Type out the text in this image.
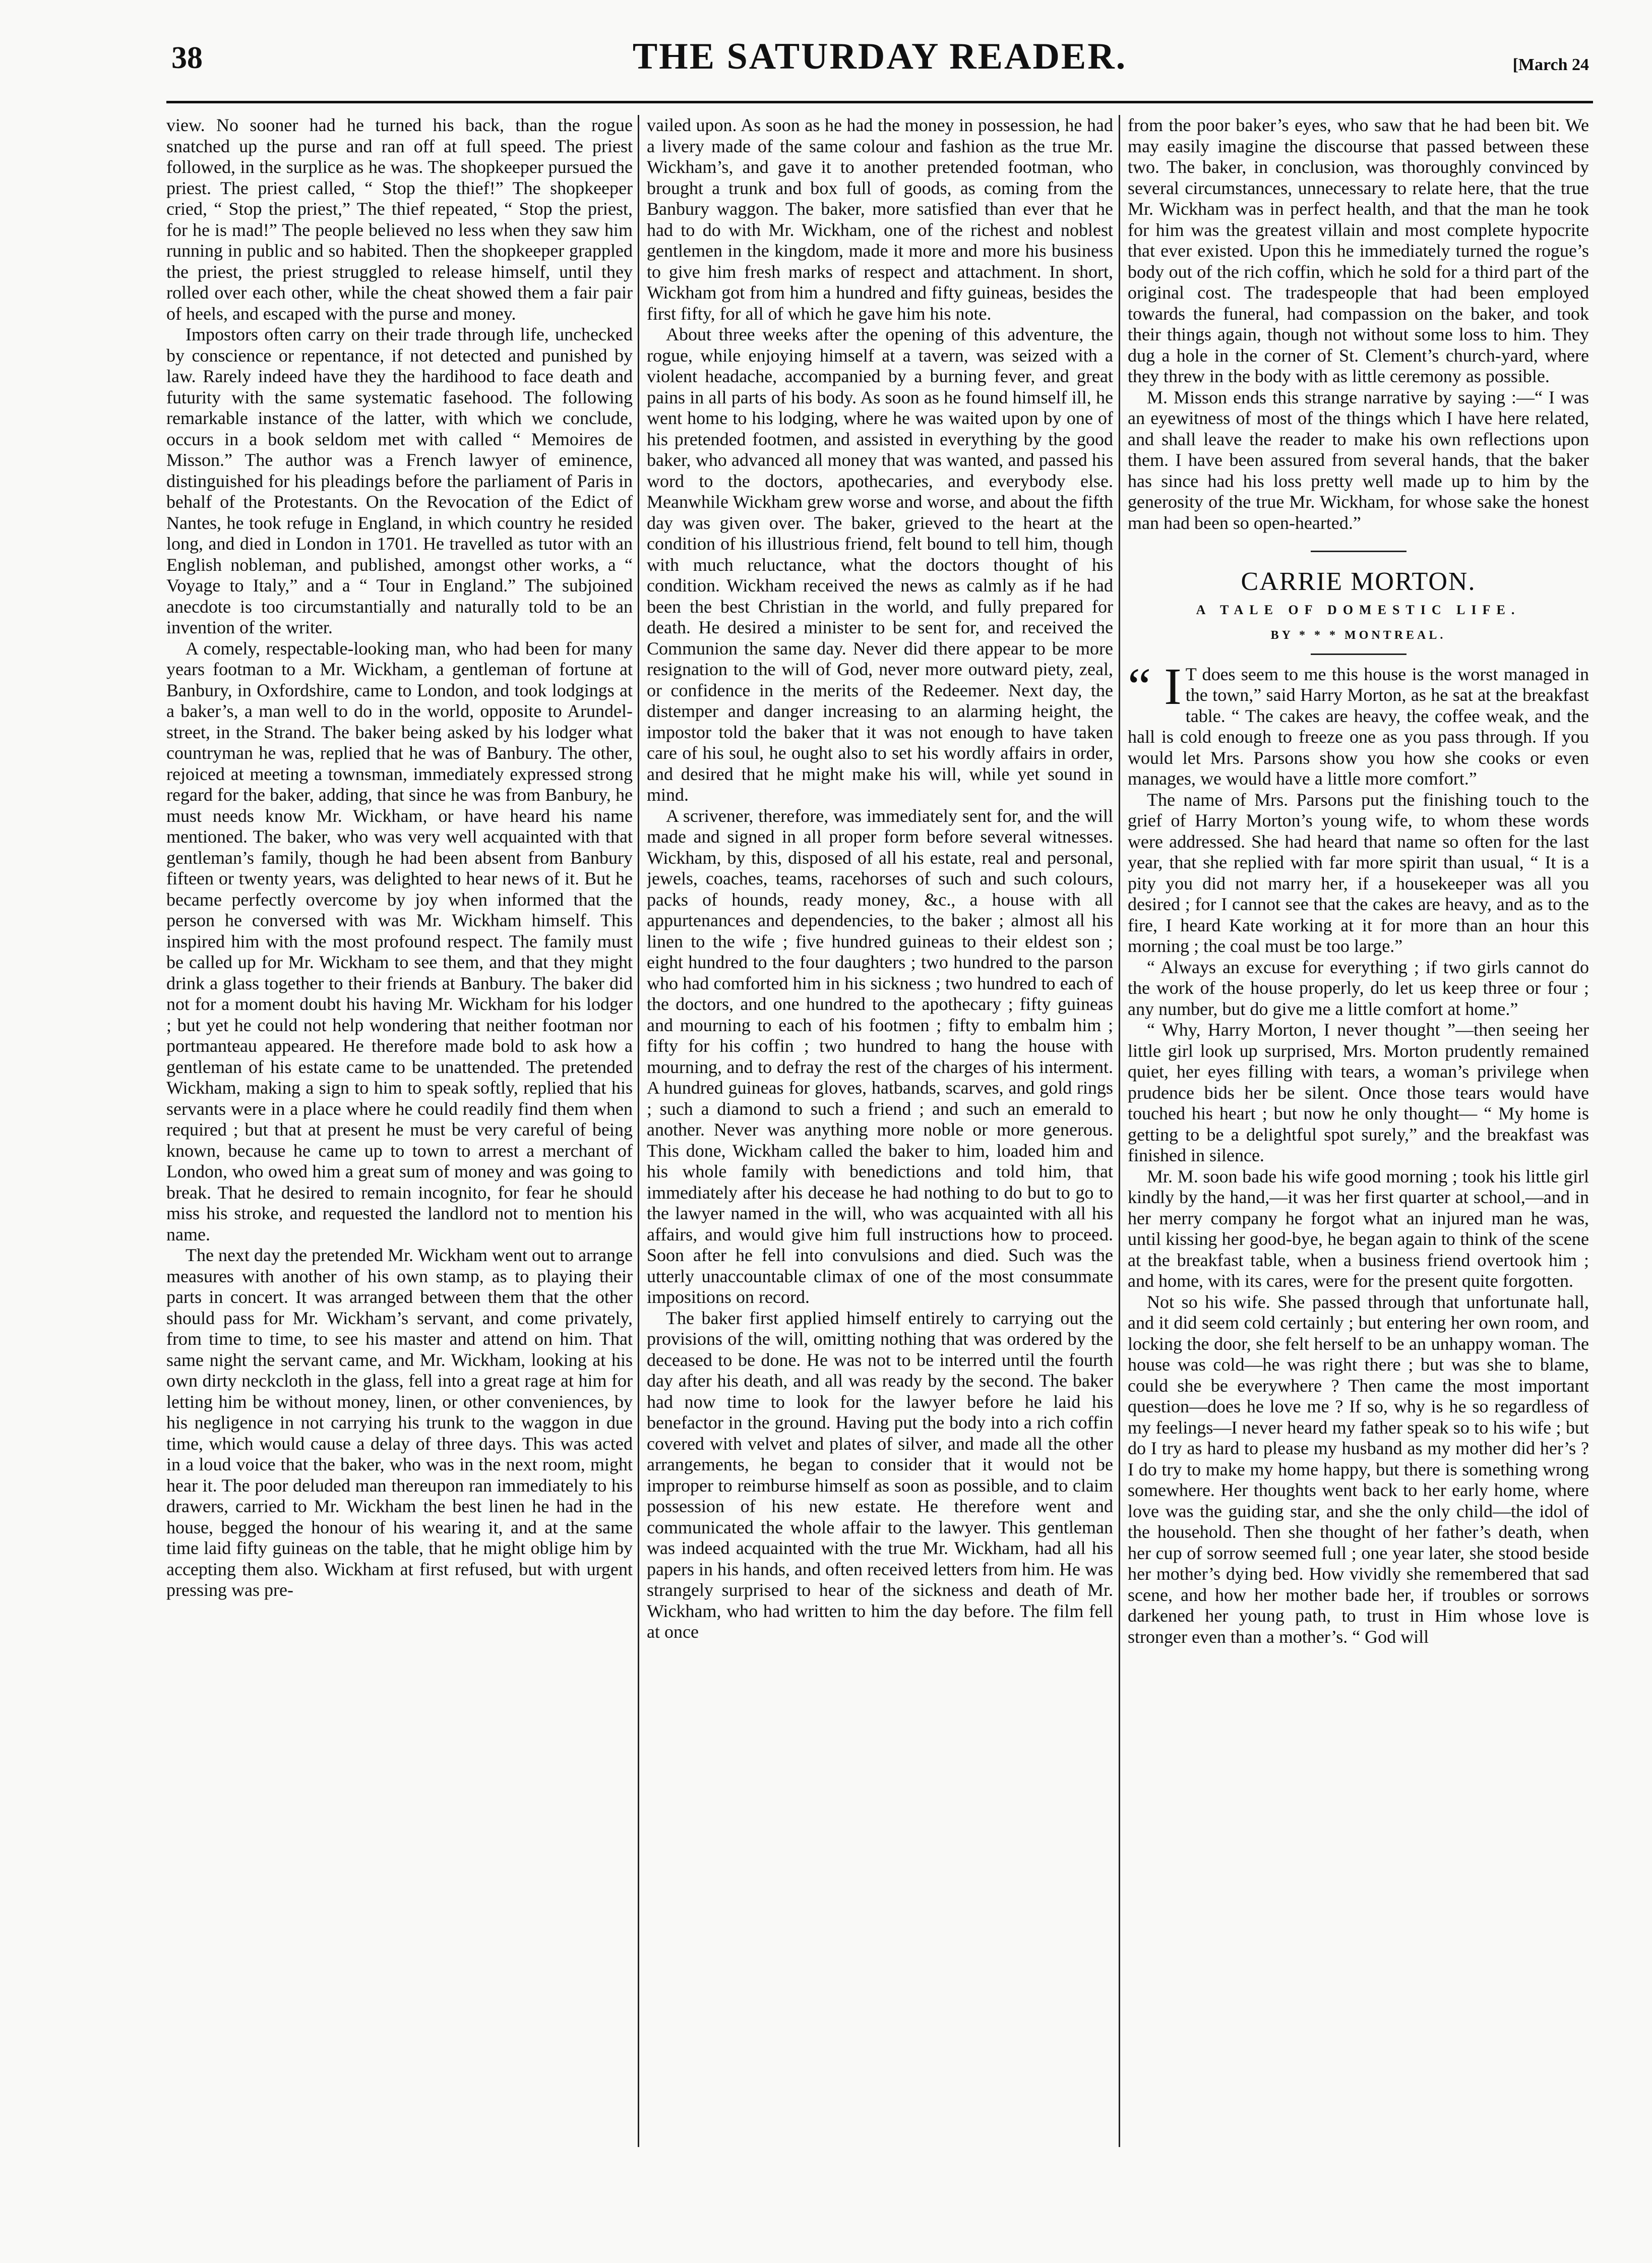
38	THE SATURDAY READER.	[March 24

view. No sooner had he turned his back, than the rogue snatched up the purse and ran off at full speed. The priest followed, in the surplice as he was. The shopkeeper pursued the priest. The priest called, “ Stop the thief!” The shopkeeper cried, “ Stop the priest,” The thief repeated, “ Stop the priest, for he is mad!” The people believed no less when they saw him running in public and so habited. Then the shopkeeper grappled the priest, the priest struggled to release himself, until they rolled over each other, while the cheat showed them a fair pair of heels, and escaped with the purse and money.

Impostors often carry on their trade through life, unchecked by conscience or repentance, if not detected and punished by law. Rarely indeed have they the hardihood to face death and futurity with the same systematic fasehood. The following remarkable instance of the latter, with which we conclude, occurs in a book seldom met with called “ Memoires de Misson.” The author was a French lawyer of eminence, distinguished for his pleadings before the parliament of Paris in behalf of the Protestants. On the Revocation of the Edict of Nantes, he took refuge in England, in which country he resided long, and died in London in 1701. He travelled as tutor with an English nobleman, and published, amongst other works, a “ Voyage to Italy,” and a “ Tour in England.” The subjoined anecdote is too circumstantially and naturally told to be an invention of the writer.

A comely, respectable-looking man, who had been for many years footman to a Mr. Wickham, a gentleman of fortune at Banbury, in Oxfordshire, came to London, and took lodgings at a baker’s, a man well to do in the world, opposite to Arundel-street, in the Strand. The baker being asked by his lodger what countryman he was, replied that he was of Banbury. The other, rejoiced at meeting a townsman, immediately expressed strong regard for the baker, adding, that since he was from Banbury, he must needs know Mr. Wickham, or have heard his name mentioned. The baker, who was very well acquainted with that gentleman’s family, though he had been absent from Banbury fifteen or twenty years, was delighted to hear news of it. But he became perfectly overcome by joy when informed that the person he conversed with was Mr. Wickham himself. This inspired him with the most profound respect. The family must be called up for Mr. Wickham to see them, and that they might drink a glass together to their friends at Banbury. The baker did not for a moment doubt his having Mr. Wickham for his lodger ; but yet he could not help wondering that neither footman nor portmanteau appeared. He therefore made bold to ask how a gentleman of his estate came to be unattended. The pretended Wickham, making a sign to him to speak softly, replied that his servants were in a place where he could readily find them when required ; but that at present he must be very careful of being known, because he came up to town to arrest a merchant of London, who owed him a great sum of money and was going to break. That he desired to remain incognito, for fear he should miss his stroke, and requested the landlord not to mention his name.

The next day the pretended Mr. Wickham went out to arrange measures with another of his own stamp, as to playing their parts in concert. It was arranged between them that the other should pass for Mr. Wickham’s servant, and come privately, from time to time, to see his master and attend on him. That same night the servant came, and Mr. Wickham, looking at his own dirty neckcloth in the glass, fell into a great rage at him for letting him be without money, linen, or other conveniences, by his negligence in not carrying his trunk to the waggon in due time, which would cause a delay of three days. This was acted in a loud voice that the baker, who was in the next room, might hear it. The poor deluded man thereupon ran immediately to his drawers, carried to Mr. Wickham the best linen he had in the house, begged the honour of his wearing it, and at the same time laid fifty guineas on the table, that he might oblige him by accepting them also. Wickham at first refused, but with urgent pressing was pre-

vailed upon. As soon as he had the money in possession, he had a livery made of the same colour and fashion as the true Mr. Wickham’s, and gave it to another pretended footman, who brought a trunk and box full of goods, as coming from the Banbury waggon. The baker, more satisfied than ever that he had to do with Mr. Wickham, one of the richest and noblest gentlemen in the kingdom, made it more and more his business to give him fresh marks of respect and attachment. In short, Wickham got from him a hundred and fifty guineas, besides the first fifty, for all of which he gave him his note.

About three weeks after the opening of this adventure, the rogue, while enjoying himself at a tavern, was seized with a violent headache, accompanied by a burning fever, and great pains in all parts of his body. As soon as he found himself ill, he went home to his lodging, where he was waited upon by one of his pretended footmen, and assisted in everything by the good baker, who advanced all money that was wanted, and passed his word to the doctors, apothecaries, and everybody else. Meanwhile Wickham grew worse and worse, and about the fifth day was given over. The baker, grieved to the heart at the condition of his illustrious friend, felt bound to tell him, though with much reluctance, what the doctors thought of his condition. Wickham received the news as calmly as if he had been the best Christian in the world, and fully prepared for death. He desired a minister to be sent for, and received the Communion the same day. Never did there appear to be more resignation to the will of God, never more outward piety, zeal, or confidence in the merits of the Redeemer. Next day, the distemper and danger increasing to an alarming height, the impostor told the baker that it was not enough to have taken care of his soul, he ought also to set his wordly affairs in order, and desired that he might make his will, while yet sound in mind.

A scrivener, therefore, was immediately sent for, and the will made and signed in all proper form before several witnesses. Wickham, by this, disposed of all his estate, real and personal, jewels, coaches, teams, racehorses of such and such colours, packs of hounds, ready money, &c., a house with all appurtenances and dependencies, to the baker ; almost all his linen to the wife ; five hundred guineas to their eldest son ; eight hundred to the four daughters ; two hundred to the parson who had comforted him in his sickness ; two hundred to each of the doctors, and one hundred to the apothecary ; fifty guineas and mourning to each of his footmen ; fifty to embalm him ; fifty for his coffin ; two hundred to hang the house with mourning, and to defray the rest of the charges of his interment. A hundred guineas for gloves, hatbands, scarves, and gold rings ; such a diamond to such a friend ; and such an emerald to another. Never was anything more noble or more generous. This done, Wickham called the baker to him, loaded him and his whole family with benedictions and told him, that immediately after his decease he had nothing to do but to go to the lawyer named in the will, who was acquainted with all his affairs, and would give him full instructions how to proceed. Soon after he fell into convulsions and died. Such was the utterly unaccountable climax of one of the most consummate impositions on record.

The baker first applied himself entirely to carrying out the provisions of the will, omitting nothing that was ordered by the deceased to be done. He was not to be interred until the fourth day after his death, and all was ready by the second. The baker had now time to look for the lawyer before he laid his benefactor in the ground. Having put the body into a rich coffin covered with velvet and plates of silver, and made all the other arrangements, he began to consider that it would not be improper to reimburse himself as soon as possible, and to claim possession of his new estate. He therefore went and communicated the whole affair to the lawyer. This gentleman was indeed acquainted with the true Mr. Wickham, had all his papers in his hands, and often received letters from him. He was strangely surprised to hear of the sickness and death of Mr. Wickham, who had written to him the day before. The film fell at once

from the poor baker’s eyes, who saw that he had been bit. We may easily imagine the discourse that passed between these two. The baker, in conclusion, was thoroughly convinced by several circumstances, unnecessary to relate here, that the true Mr. Wickham was in perfect health, and that the man he took for him was the greatest villain and most complete hypocrite that ever existed. Upon this he immediately turned the rogue’s body out of the rich coffin, which he sold for a third part of the original cost. The tradespeople that had been employed towards the funeral, had compassion on the baker, and took their things again, though not without some loss to him. They dug a hole in the corner of St. Clement’s church-yard, where they threw in the body with as little ceremony as possible.

M. Misson ends this strange narrative by saying :—“ I was an eyewitness of most of the things which I have here related, and shall leave the reader to make his own reflections upon them. I have been assured from several hands, that the baker has since had his loss pretty well made up to him by the generosity of the true Mr. Wickham, for whose sake the honest man had been so open-hearted.”

CARRIE MORTON.
A TALE OF DOMESTIC LIFE.
BY * * * MONTREAL.

“ I T does seem to me this house is the worst managed in the town,” said Harry Morton, as he sat at the breakfast table. “ The cakes are heavy, the coffee weak, and the hall is cold enough to freeze one as you pass through. If you would let Mrs. Parsons show you how she cooks or even manages, we would have a little more comfort.”

The name of Mrs. Parsons put the finishing touch to the grief of Harry Morton’s young wife, to whom these words were addressed. She had heard that name so often for the last year, that she replied with far more spirit than usual, “ It is a pity you did not marry her, if a housekeeper was all you desired ; for I cannot see that the cakes are heavy, and as to the fire, I heard Kate working at it for more than an hour this morning ; the coal must be too large.”

“ Always an excuse for everything ; if two girls cannot do the work of the house properly, do let us keep three or four ; any number, but do give me a little comfort at home.”

“ Why, Harry Morton, I never thought ”—then seeing her little girl look up surprised, Mrs. Morton prudently remained quiet, her eyes filling with tears, a woman’s privilege when prudence bids her be silent. Once those tears would have touched his heart ; but now he only thought— “ My home is getting to be a delightful spot surely,” and the breakfast was finished in silence.

Mr. M. soon bade his wife good morning ; took his little girl kindly by the hand,—it was her first quarter at school,—and in her merry company he forgot what an injured man he was, until kissing her good-bye, he began again to think of the scene at the breakfast table, when a business friend overtook him ; and home, with its cares, were for the present quite forgotten.

Not so his wife. She passed through that unfortunate hall, and it did seem cold certainly ; but entering her own room, and locking the door, she felt herself to be an unhappy woman. The house was cold—he was right there ; but was she to blame, could she be everywhere ? Then came the most important question—does he love me ? If so, why is he so regardless of my feelings—I never heard my father speak so to his wife ; but do I try as hard to please my husband as my mother did her’s ? I do try to make my home happy, but there is something wrong somewhere. Her thoughts went back to her early home, where love was the guiding star, and she the only child—the idol of the household. Then she thought of her father’s death, when her cup of sorrow seemed full ; one year later, she stood beside her mother’s dying bed. How vividly she remembered that sad scene, and how her mother bade her, if troubles or sorrows darkened her young path, to trust in Him whose love is stronger even than a mother’s. “ God will
